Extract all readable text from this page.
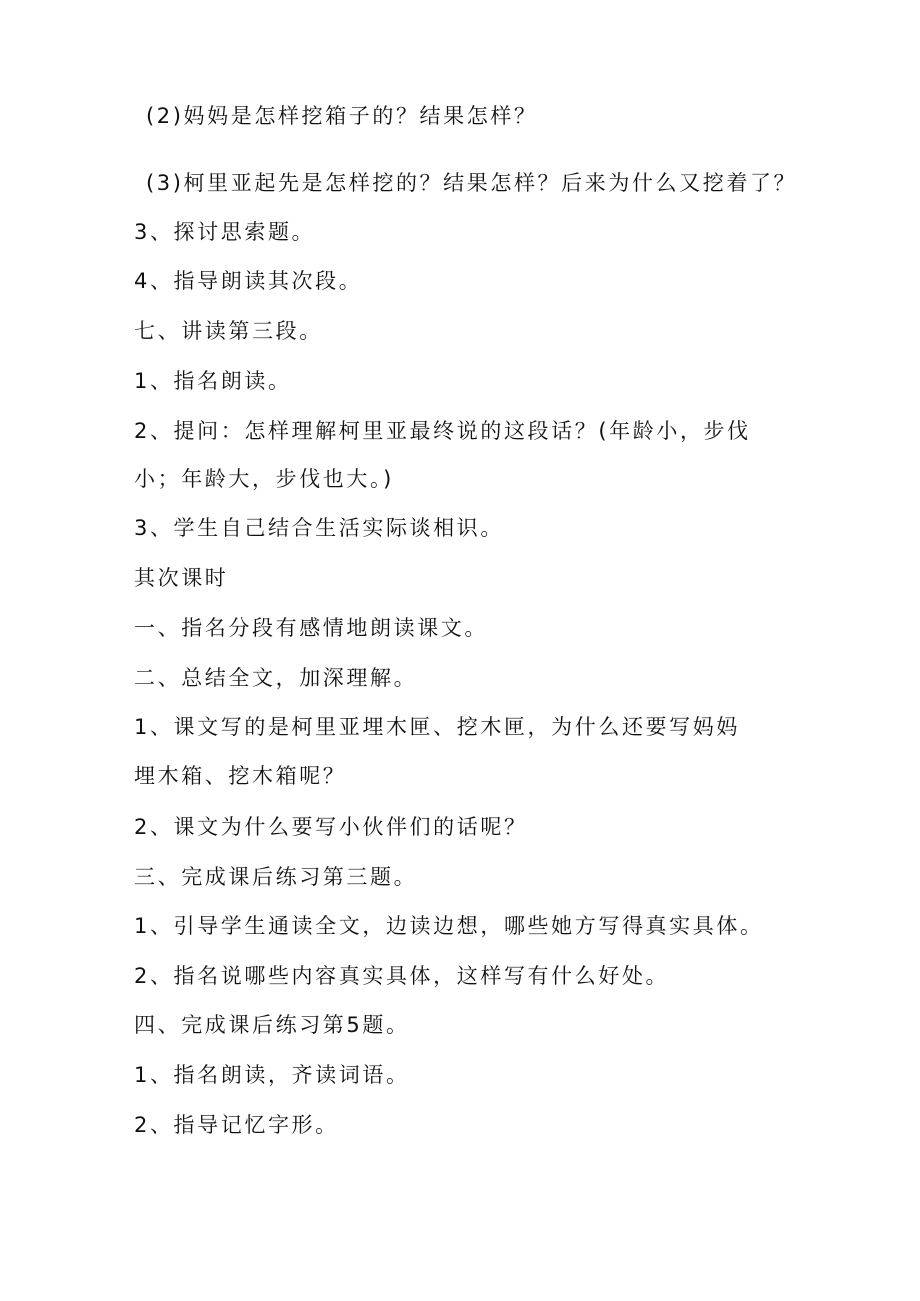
(2)妈妈是怎样挖箱子的？结果怎样？

(3)柯里亚起先是怎样挖的？结果怎样？后来为什么又挖着了？

3、探讨思索题。

4、指导朗读其次段。

七、讲读第三段。

1、指名朗读。

2、提问：怎样理解柯里亚最终说的这段话？(年龄小，步伐

小；年龄大，步伐也大。)

3、学生自己结合生活实际谈相识。

其次课时

一、指名分段有感情地朗读课文。

二、总结全文，加深理解。

1、课文写的是柯里亚埋木匣、挖木匣，为什么还要写妈妈

埋木箱、挖木箱呢？

2、课文为什么要写小伙伴们的话呢？

三、完成课后练习第三题。

1、引导学生通读全文，边读边想，哪些她方写得真实具体。

2、指名说哪些内容真实具体，这样写有什么好处。

四、完成课后练习第5题。

1、指名朗读，齐读词语。

2、指导记忆字形。
